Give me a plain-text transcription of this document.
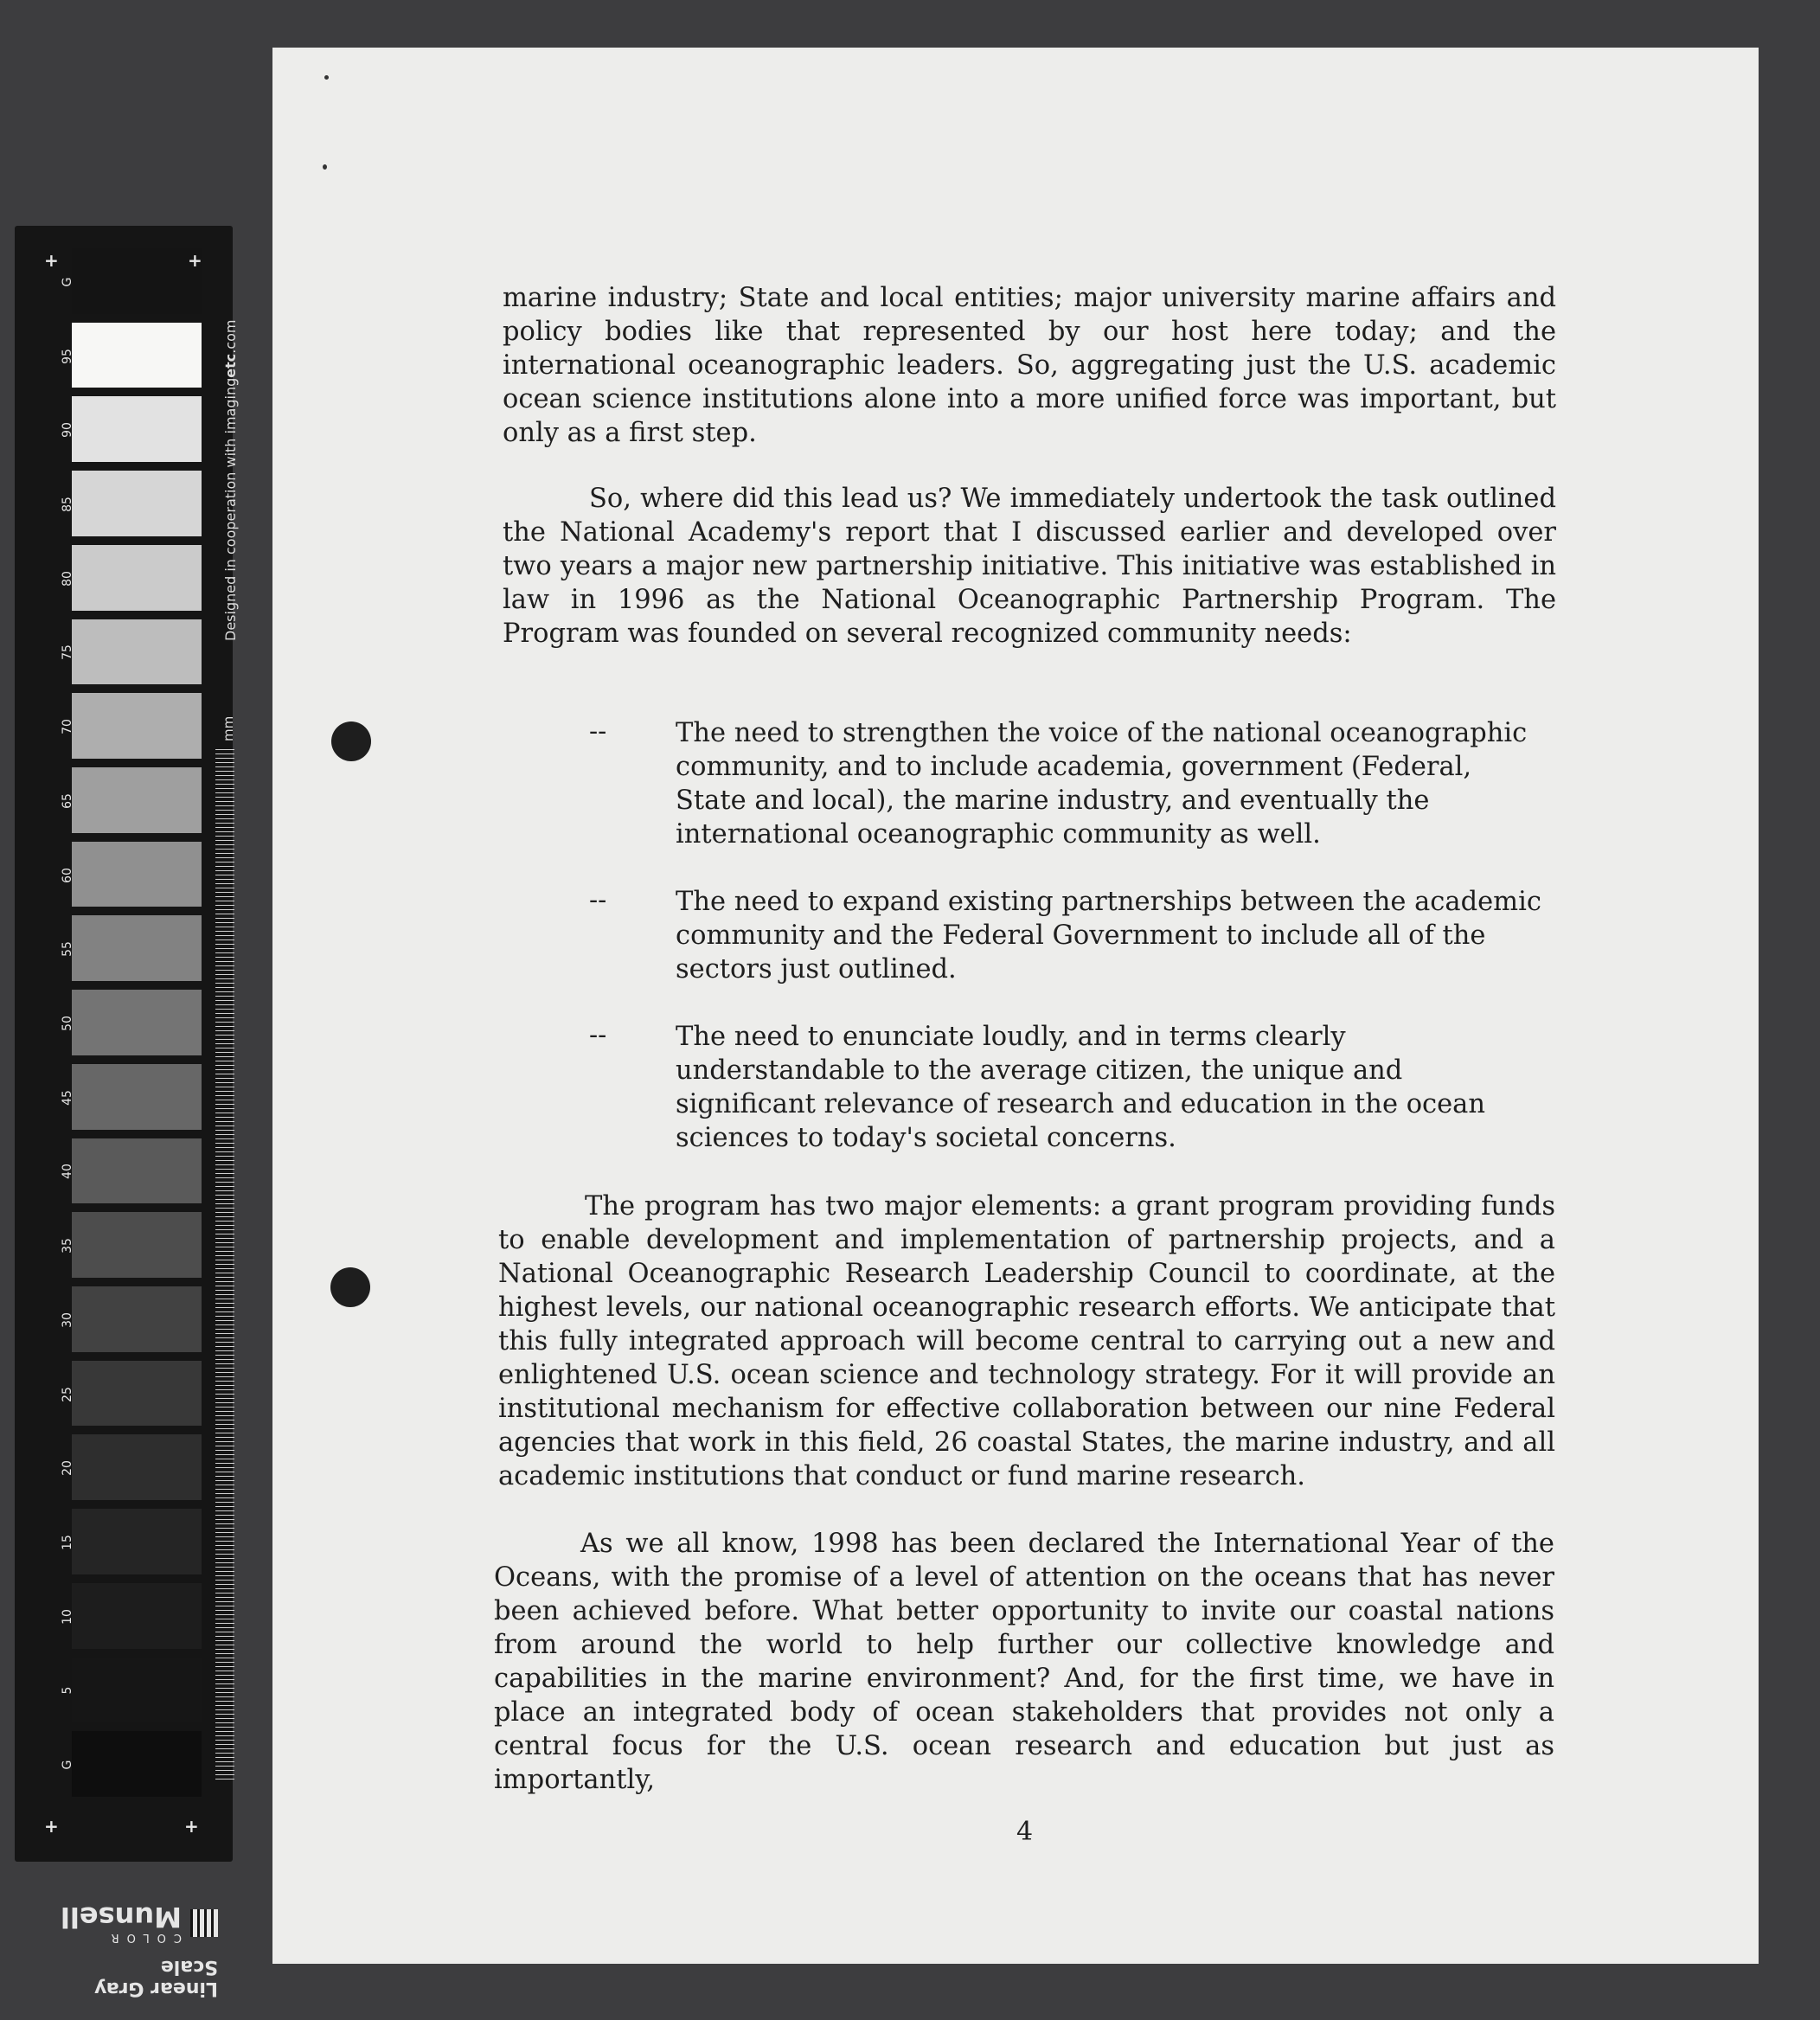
G
95
90
85
80
75
70
65
60
55
50
45
40
35
30
25
20
15
10
5
G
+	+
+	+
Designed in cooperation with imagingetc.com
mm
Linear Gray Scale
COLOR
Munsell
marine industry; State and local entities; major university marine affairs and policy bodies like that represented by our host here today; and the international oceanographic leaders. So, aggregating just the U.S. academic ocean science institutions alone into a more unified force was important, but only as a first step.
So, where did this lead us? We immediately undertook the task outlined the National Academy's report that I discussed earlier and developed over two years a major new partnership initiative. This initiative was established in law in 1996 as the National Oceanographic Partnership Program. The Program was founded on several recognized community needs:
--	The need to strengthen the voice of the national oceanographic community, and to include academia, government (Federal, State and local), the marine industry, and eventually the international oceanographic community as well.
--	The need to expand existing partnerships between the academic community and the Federal Government to include all of the sectors just outlined.
--	The need to enunciate loudly, and in terms clearly understandable to the average citizen, the unique and significant relevance of research and education in the ocean sciences to today's societal concerns.
The program has two major elements: a grant program providing funds to enable development and implementation of partnership projects, and a National Oceanographic Research Leadership Council to coordinate, at the highest levels, our national oceanographic research efforts. We anticipate that this fully integrated approach will become central to carrying out a new and enlightened U.S. ocean science and technology strategy. For it will provide an institutional mechanism for effective collaboration between our nine Federal agencies that work in this field, 26 coastal States, the marine industry, and all academic institutions that conduct or fund marine research.
As we all know, 1998 has been declared the International Year of the Oceans, with the promise of a level of attention on the oceans that has never been achieved before. What better opportunity to invite our coastal nations from around the world to help further our collective knowledge and capabilities in the marine environment? And, for the first time, we have in place an integrated body of ocean stakeholders that provides not only a central focus for the U.S. ocean research and education but just as importantly,
4
